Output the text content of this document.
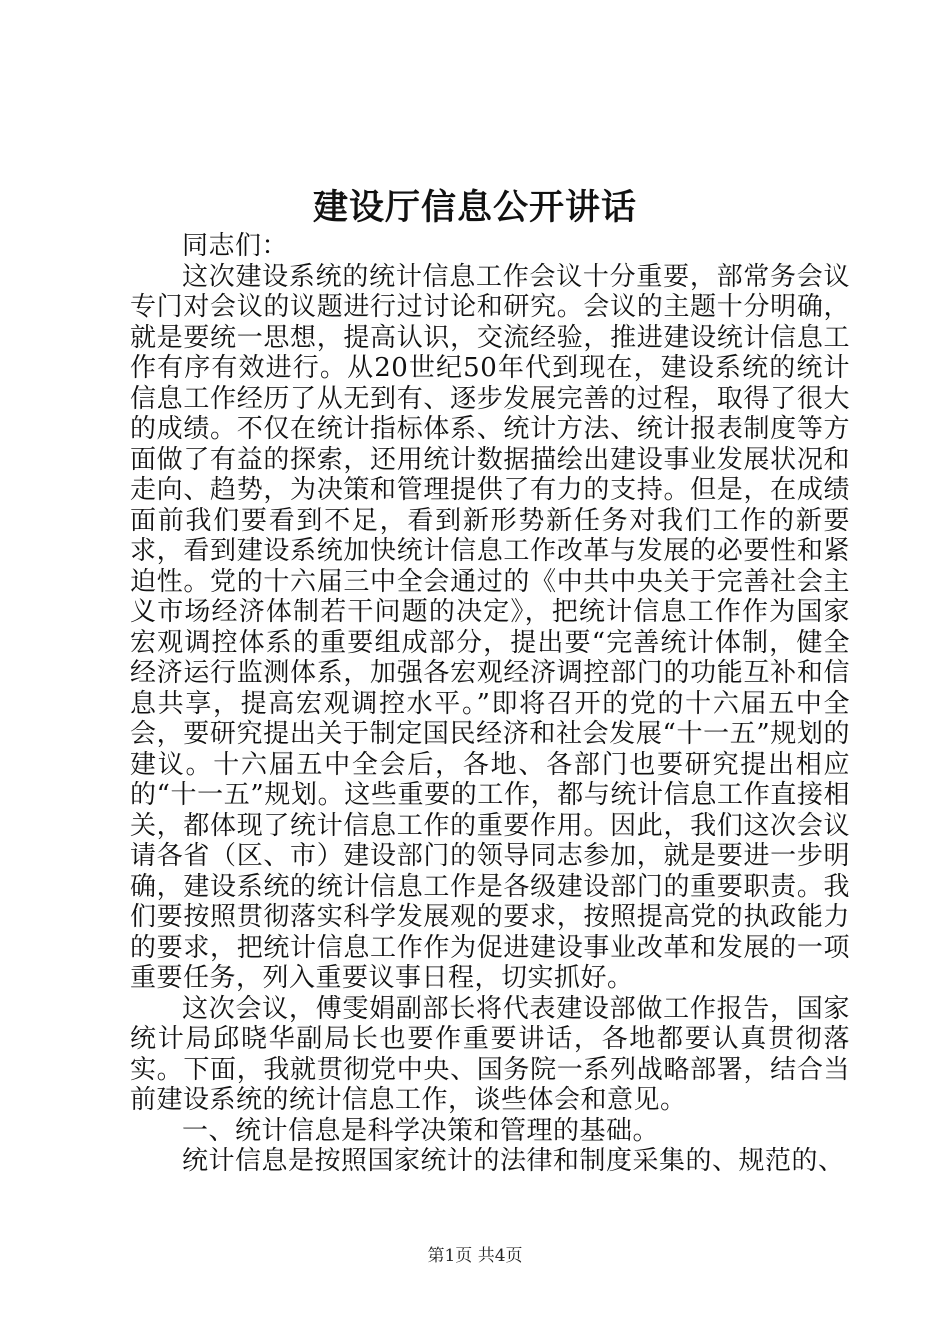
建设厅信息公开讲话

同志们：

这次建设系统的统计信息工作会议十分重要，部常务会议专门对会议的议题进行过讨论和研究。会议的主题十分明确，就是要统一思想，提高认识，交流经验，推进建设统计信息工作有序有效进行。从20世纪50年代到现在，建设系统的统计信息工作经历了从无到有、逐步发展完善的过程，取得了很大的成绩。不仅在统计指标体系、统计方法、统计报表制度等方面做了有益的探索，还用统计数据描绘出建设事业发展状况和走向、趋势，为决策和管理提供了有力的支持。但是，在成绩面前我们要看到不足，看到新形势新任务对我们工作的新要求，看到建设系统加快统计信息工作改革与发展的必要性和紧迫性。党的十六届三中全会通过的《中共中央关于完善社会主义市场经济体制若干问题的决定》，把统计信息工作作为国家宏观调控体系的重要组成部分，提出要“完善统计体制，健全经济运行监测体系，加强各宏观经济调控部门的功能互补和信息共享，提高宏观调控水平。”即将召开的党的十六届五中全会，要研究提出关于制定国民经济和社会发展“十一五”规划的建议。十六届五中全会后，各地、各部门也要研究提出相应的“十一五”规划。这些重要的工作，都与统计信息工作直接相关，都体现了统计信息工作的重要作用。因此，我们这次会议请各省（区、市）建设部门的领导同志参加，就是要进一步明确，建设系统的统计信息工作是各级建设部门的重要职责。我们要按照贯彻落实科学发展观的要求，按照提高党的执政能力的要求，把统计信息工作作为促进建设事业改革和发展的一项重要任务，列入重要议事日程，切实抓好。

这次会议，傅雯娟副部长将代表建设部做工作报告，国家统计局邱晓华副局长也要作重要讲话，各地都要认真贯彻落实。下面，我就贯彻党中央、国务院一系列战略部署，结合当前建设系统的统计信息工作，谈些体会和意见。

一、统计信息是科学决策和管理的基础。

统计信息是按照国家统计的法律和制度采集的、规范的、

第1页 共4页
